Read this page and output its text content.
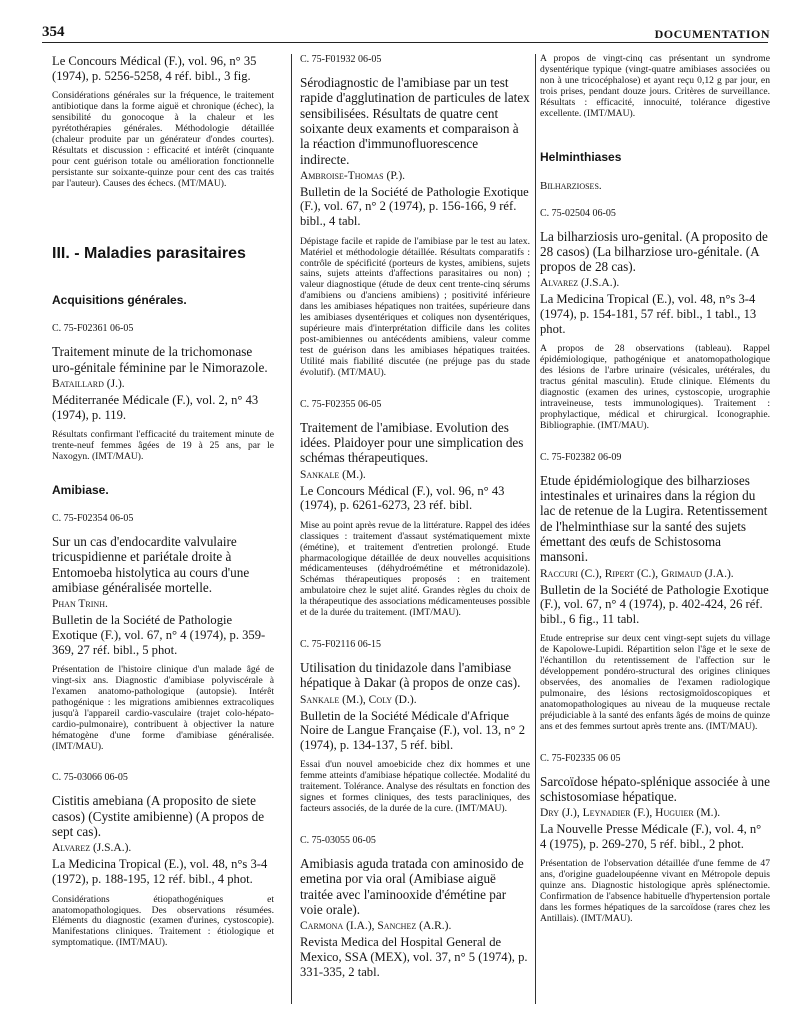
354	DOCUMENTATION

Le Concours Médical (F.), vol. 96, n° 35 (1974), p. 5256-5258, 4 réf. bibl., 3 fig.

Considérations générales sur la fréquence, le traitement antibiotique dans la forme aiguë et chronique (échec), la sensibilité du gonocoque à la chaleur et les pyrétothérapies générales. Méthodologie détaillée (chaleur produite par un générateur d'ondes courtes). Résultats et discussion : efficacité et intérêt (cinquante pour cent guérison totale ou amélioration fonctionnelle persistante sur soixante-quinze pour cent des cas traités par l'auteur). Causes des échecs. (MT/MAU).

III. - Maladies parasitaires

Acquisitions générales.

C. 75-F02361 06-05

Traitement minute de la trichomonase uro-génitale féminine par le Nimorazole.

Bataillard (J.).

Méditerranée Médicale (F.), vol. 2, n° 43 (1974), p. 119.

Résultats confirmant l'efficacité du traitement minute de trente-neuf femmes âgées de 19 à 25 ans, par le Naxogyn. (IMT/MAU).

Amibiase.

C. 75-F02354 06-05

Sur un cas d'endocardite valvulaire tricuspidienne et pariétale droite à Entomoeba histolytica au cours d'une amibiase généralisée mortelle.

Phan Trinh.

Bulletin de la Société de Pathologie Exotique (F.), vol. 67, n° 4 (1974), p. 359-369, 27 réf. bibl., 5 phot.

Présentation de l'histoire clinique d'un malade âgé de vingt-six ans. Diagnostic d'amibiase polyviscérale à l'examen anatomo-pathologique (autopsie). Intérêt pathogénique : les migrations amibiennes extracoliques jusqu'à l'appareil cardio-vasculaire (trajet colo-hépato-cardio-pulmonaire), contribuent à objectiver la nature hématogène d'une forme d'amibiase généralisée. (IMT/MAU).

C. 75-03066 06-05

Cistitis amebiana (A proposito de siete casos) (Cystite amibienne) (A propos de sept cas).

Alvarez (J.S.A.).

La Medicina Tropical (E.), vol. 48, n°s 3-4 (1972), p. 188-195, 12 réf. bibl., 4 phot.

Considérations étiopathogéniques et anatomopathologiques. Des observations résumées. Eléments du diagnostic (examen d'urines, cystoscopie). Manifestations cliniques. Traitement : étiologique et symptomatique. (IMT/MAU).

C. 75-F01932 06-05

Sérodiagnostic de l'amibiase par un test rapide d'agglutination de particules de latex sensibilisées. Résultats de quatre cent soixante deux examents et comparaison à la réaction d'immunofluorescence indirecte.

Ambroise-Thomas (P.).

Bulletin de la Société de Pathologie Exotique (F.), vol. 67, n° 2 (1974), p. 156-166, 9 réf. bibl., 4 tabl.

Dépistage facile et rapide de l'amibiase par le test au latex. Matériel et méthodologie détaillée. Résultats comparatifs : contrôle de spécificité (porteurs de kystes, amibiens, sujets sains, sujets atteints d'affections parasitaires ou non) ; valeur diagnostique (étude de deux cent trente-cinq sérums d'amibiens ou d'anciens amibiens) ; positivité inférieure dans les amibiases hépatiques non traitées, supérieure dans les amibiases dysentériques et coliques non dysentériques, supérieure mais d'interprétation difficile dans les colites post-amibiennes ou antécédents amibiens, valeur comme test de guérison dans les amibiases hépatiques traitées. Utilité mais fiabilité discutée (ne préjuge pas du stade évolutif). (MT/MAU).

C. 75-F02355 06-05

Traitement de l'amibiase. Evolution des idées. Plaidoyer pour une simplication des schémas thérapeutiques.

Sankale (M.).

Le Concours Médical (F.), vol. 96, n° 43 (1974), p. 6261-6273, 23 réf. bibl.

Mise au point après revue de la littérature. Rappel des idées classiques : traitement d'assaut systématiquement mixte (émétine), et traitement d'entretien prolongé. Etude pharmacologique détaillée de deux nouvelles acquisitions médicamenteuses (déhydroémétine et métronidazole). Schémas thérapeutiques proposés : en traitement ambulatoire chez le sujet alité. Grandes règles du choix de la thérapeutique des associations médicamenteuses possible et de la durée du traitement. (IMT/MAU).

C. 75-F02116 06-15

Utilisation du tinidazole dans l'amibiase hépatique à Dakar (à propos de onze cas).

Sankale (M.), Coly (D.).

Bulletin de la Société Médicale d'Afrique Noire de Langue Française (F.), vol. 13, n° 2 (1974), p. 134-137, 5 réf. bibl.

Essai d'un nouvel amoebicide chez dix hommes et une femme atteints d'amibiase hépatique collectée. Modalité du traitement. Tolérance. Analyse des résultats en fonction des signes et formes cliniques, des tests paracliniques, des facteurs associés, de la durée de la cure. (IMT/MAU).

C. 75-03055 06-05

Amibiasis aguda tratada con aminosido de emetina por via oral (Amibiase aiguë traitée avec l'aminooxide d'émétine par voie orale).

Carmona (I.A.), Sanchez (A.R.).

Revista Medica del Hospital General de Mexico, SSA (MEX), vol. 37, n° 5 (1974), p. 331-335, 2 tabl.

A propos de vingt-cinq cas présentant un syndrome dysentérique typique (vingt-quatre amibiases associées ou non à une tricocéphalose) et ayant reçu 0,12 g par jour, en trois prises, pendant douze jours. Critères de surveillance. Résultats : efficacité, innocuité, tolérance digestive excellente. (IMT/MAU).

Helminthiases

Bilharzioses.

C. 75-02504 06-05

La bilharziosis uro-genital. (A proposito de 28 casos) (La bilharziose uro-génitale. (A propos de 28 cas).

Alvarez (J.S.A.).

La Medicina Tropical (E.), vol. 48, n°s 3-4 (1974), p. 154-181, 57 réf. bibl., 1 tabl., 13 phot.

A propos de 28 observations (tableau). Rappel épidémiologique, pathogénique et anatomopathologique des lésions de l'arbre urinaire (vésicales, urétérales, du tractus génital masculin). Etude clinique. Eléments du diagnostic (examen des urines, cystoscopie, urographie intraveineuse, tests immunologiques). Traitement : prophylactique, médical et chirurgical. Iconographie. Bibliographie. (IMT/MAU).

C. 75-F02382 06-09

Etude épidémiologique des bilharzioses intestinales et urinaires dans la région du lac de retenue de la Lugira. Retentissement de l'helminthiase sur la santé des sujets émettant des œufs de Schistosoma mansoni.

Raccuri (C.), Ripert (C.), Grimaud (J.A.).

Bulletin de la Société de Pathologie Exotique (F.), vol. 67, n° 4 (1974), p. 402-424, 26 réf. bibl., 6 fig., 11 tabl.

Etude entreprise sur deux cent vingt-sept sujets du village de Kapolowe-Lupidi. Répartition selon l'âge et le sexe de l'échantillon du retentissement de l'affection sur le développement pondéro-structural des origines cliniques observées, des anomalies de l'examen radiologique pulmonaire, des lésions rectosigmoïdoscopiques et anatomopathologiques au niveau de la muqueuse rectale préjudiciable à la santé des enfants âgés de moins de quinze ans et des femmes surtout après trente ans. (IMT/MAU).

C. 75-F02335 06 05

Sarcoïdose hépato-splénique associée à une schistosomiase hépatique.

Dry (J.), Leynadier (F.), Huguier (M.).

La Nouvelle Presse Médicale (F.), vol. 4, n° 4 (1975), p. 269-270, 5 réf. bibl., 2 phot.

Présentation de l'observation détaillée d'une femme de 47 ans, d'origine guadeloupéenne vivant en Métropole depuis quinze ans. Diagnostic histologique après splénectomie. Confirmation de l'absence habituelle d'hypertension portale dans les formes hépatiques de la sarcoïdose (rares chez les Antillais). (IMT/MAU).
